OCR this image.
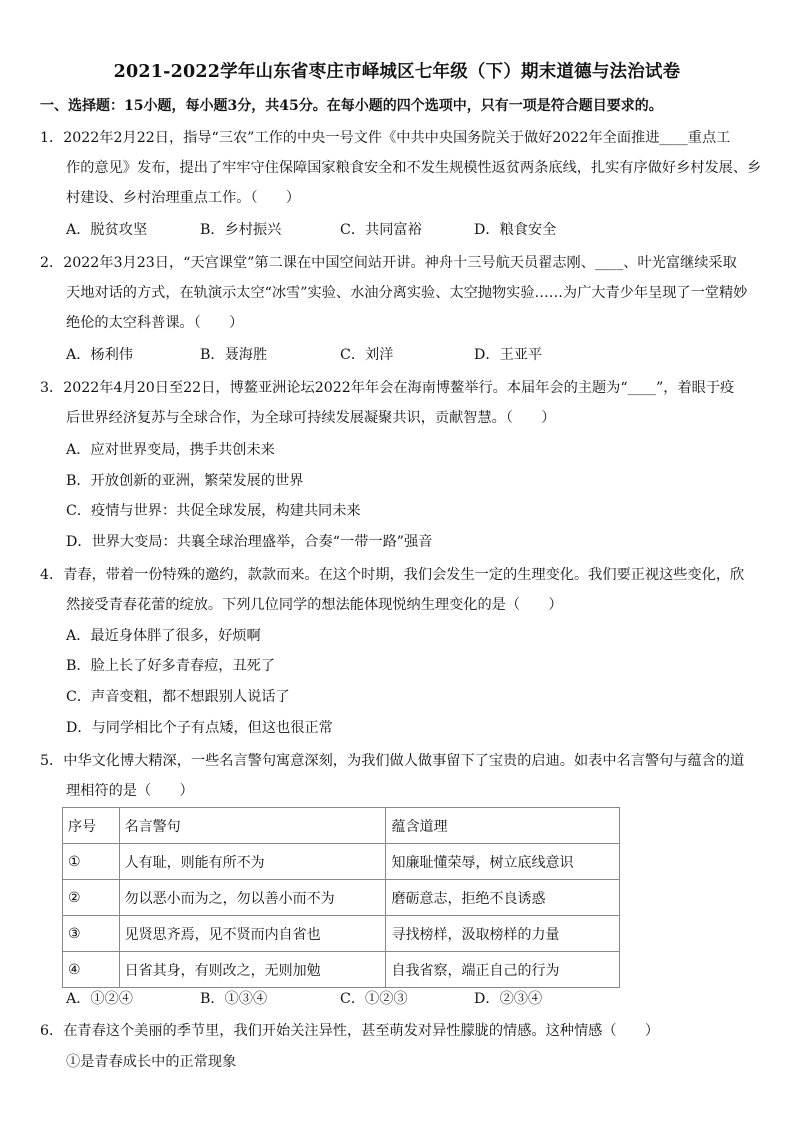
2021-2022学年山东省枣庄市峄城区七年级（下）期末道德与法治试卷
一、选择题：15小题，每小题3分，共45分。在每小题的四个选项中，只有一项是符合题目要求的。
1．2022年2月22日，指导“三农”工作的中央一号文件《中共中央国务院关于做好2022年全面推进____重点工
作的意见》发布，提出了牢牢守住保障国家粮食安全和不发生规模性返贫两条底线，扎实有序做好乡村发展、乡
村建设、乡村治理重点工作。（　　）
A．脱贫攻坚	B．乡村振兴	C．共同富裕	D．粮食安全
2．2022年3月23日，“天宫课堂”第二课在中国空间站开讲。神舟十三号航天员翟志刚、____、叶光富继续采取
天地对话的方式，在轨演示太空“冰雪”实验、水油分离实验、太空抛物实验……为广大青少年呈现了一堂精妙
绝伦的太空科普课。（　　）
A．杨利伟	B．聂海胜	C．刘洋	D．王亚平
3．2022年4月20日至22日，博鳌亚洲论坛2022年年会在海南博鳌举行。本届年会的主题为“____”，着眼于疫
后世界经济复苏与全球合作，为全球可持续发展凝聚共识，贡献智慧。（　　）
A．应对世界变局，携手共创未来
B．开放创新的亚洲，繁荣发展的世界
C．疫情与世界：共促全球发展，构建共同未来
D．世界大变局：共襄全球治理盛举，合奏“一带一路”强音
4．青春，带着一份特殊的邀约，款款而来。在这个时期，我们会发生一定的生理变化。我们要正视这些变化，欣
然接受青春花蕾的绽放。下列几位同学的想法能体现悦纳生理变化的是（　　）
A．最近身体胖了很多，好烦啊
B．脸上长了好多青春痘，丑死了
C．声音变粗，都不想跟别人说话了
D．与同学相比个子有点矮，但这也很正常
5．中华文化博大精深，一些名言警句寓意深刻，为我们做人做事留下了宝贵的启迪。如表中名言警句与蕴含的道
理相符的是（　　）
序号	名言警句	蕴含道理
①	人有耻，则能有所不为	知廉耻懂荣辱，树立底线意识
②	勿以恶小而为之，勿以善小而不为	磨砺意志，拒绝不良诱惑
③	见贤思齐焉，见不贤而内自省也	寻找榜样，汲取榜样的力量
④	日省其身，有则改之，无则加勉	自我省察，端正自己的行为
A．①②④	B．①③④	C．①②③	D．②③④
6．在青春这个美丽的季节里，我们开始关注异性，甚至萌发对异性朦胧的情感。这种情感（　　）
①是青春成长中的正常现象
